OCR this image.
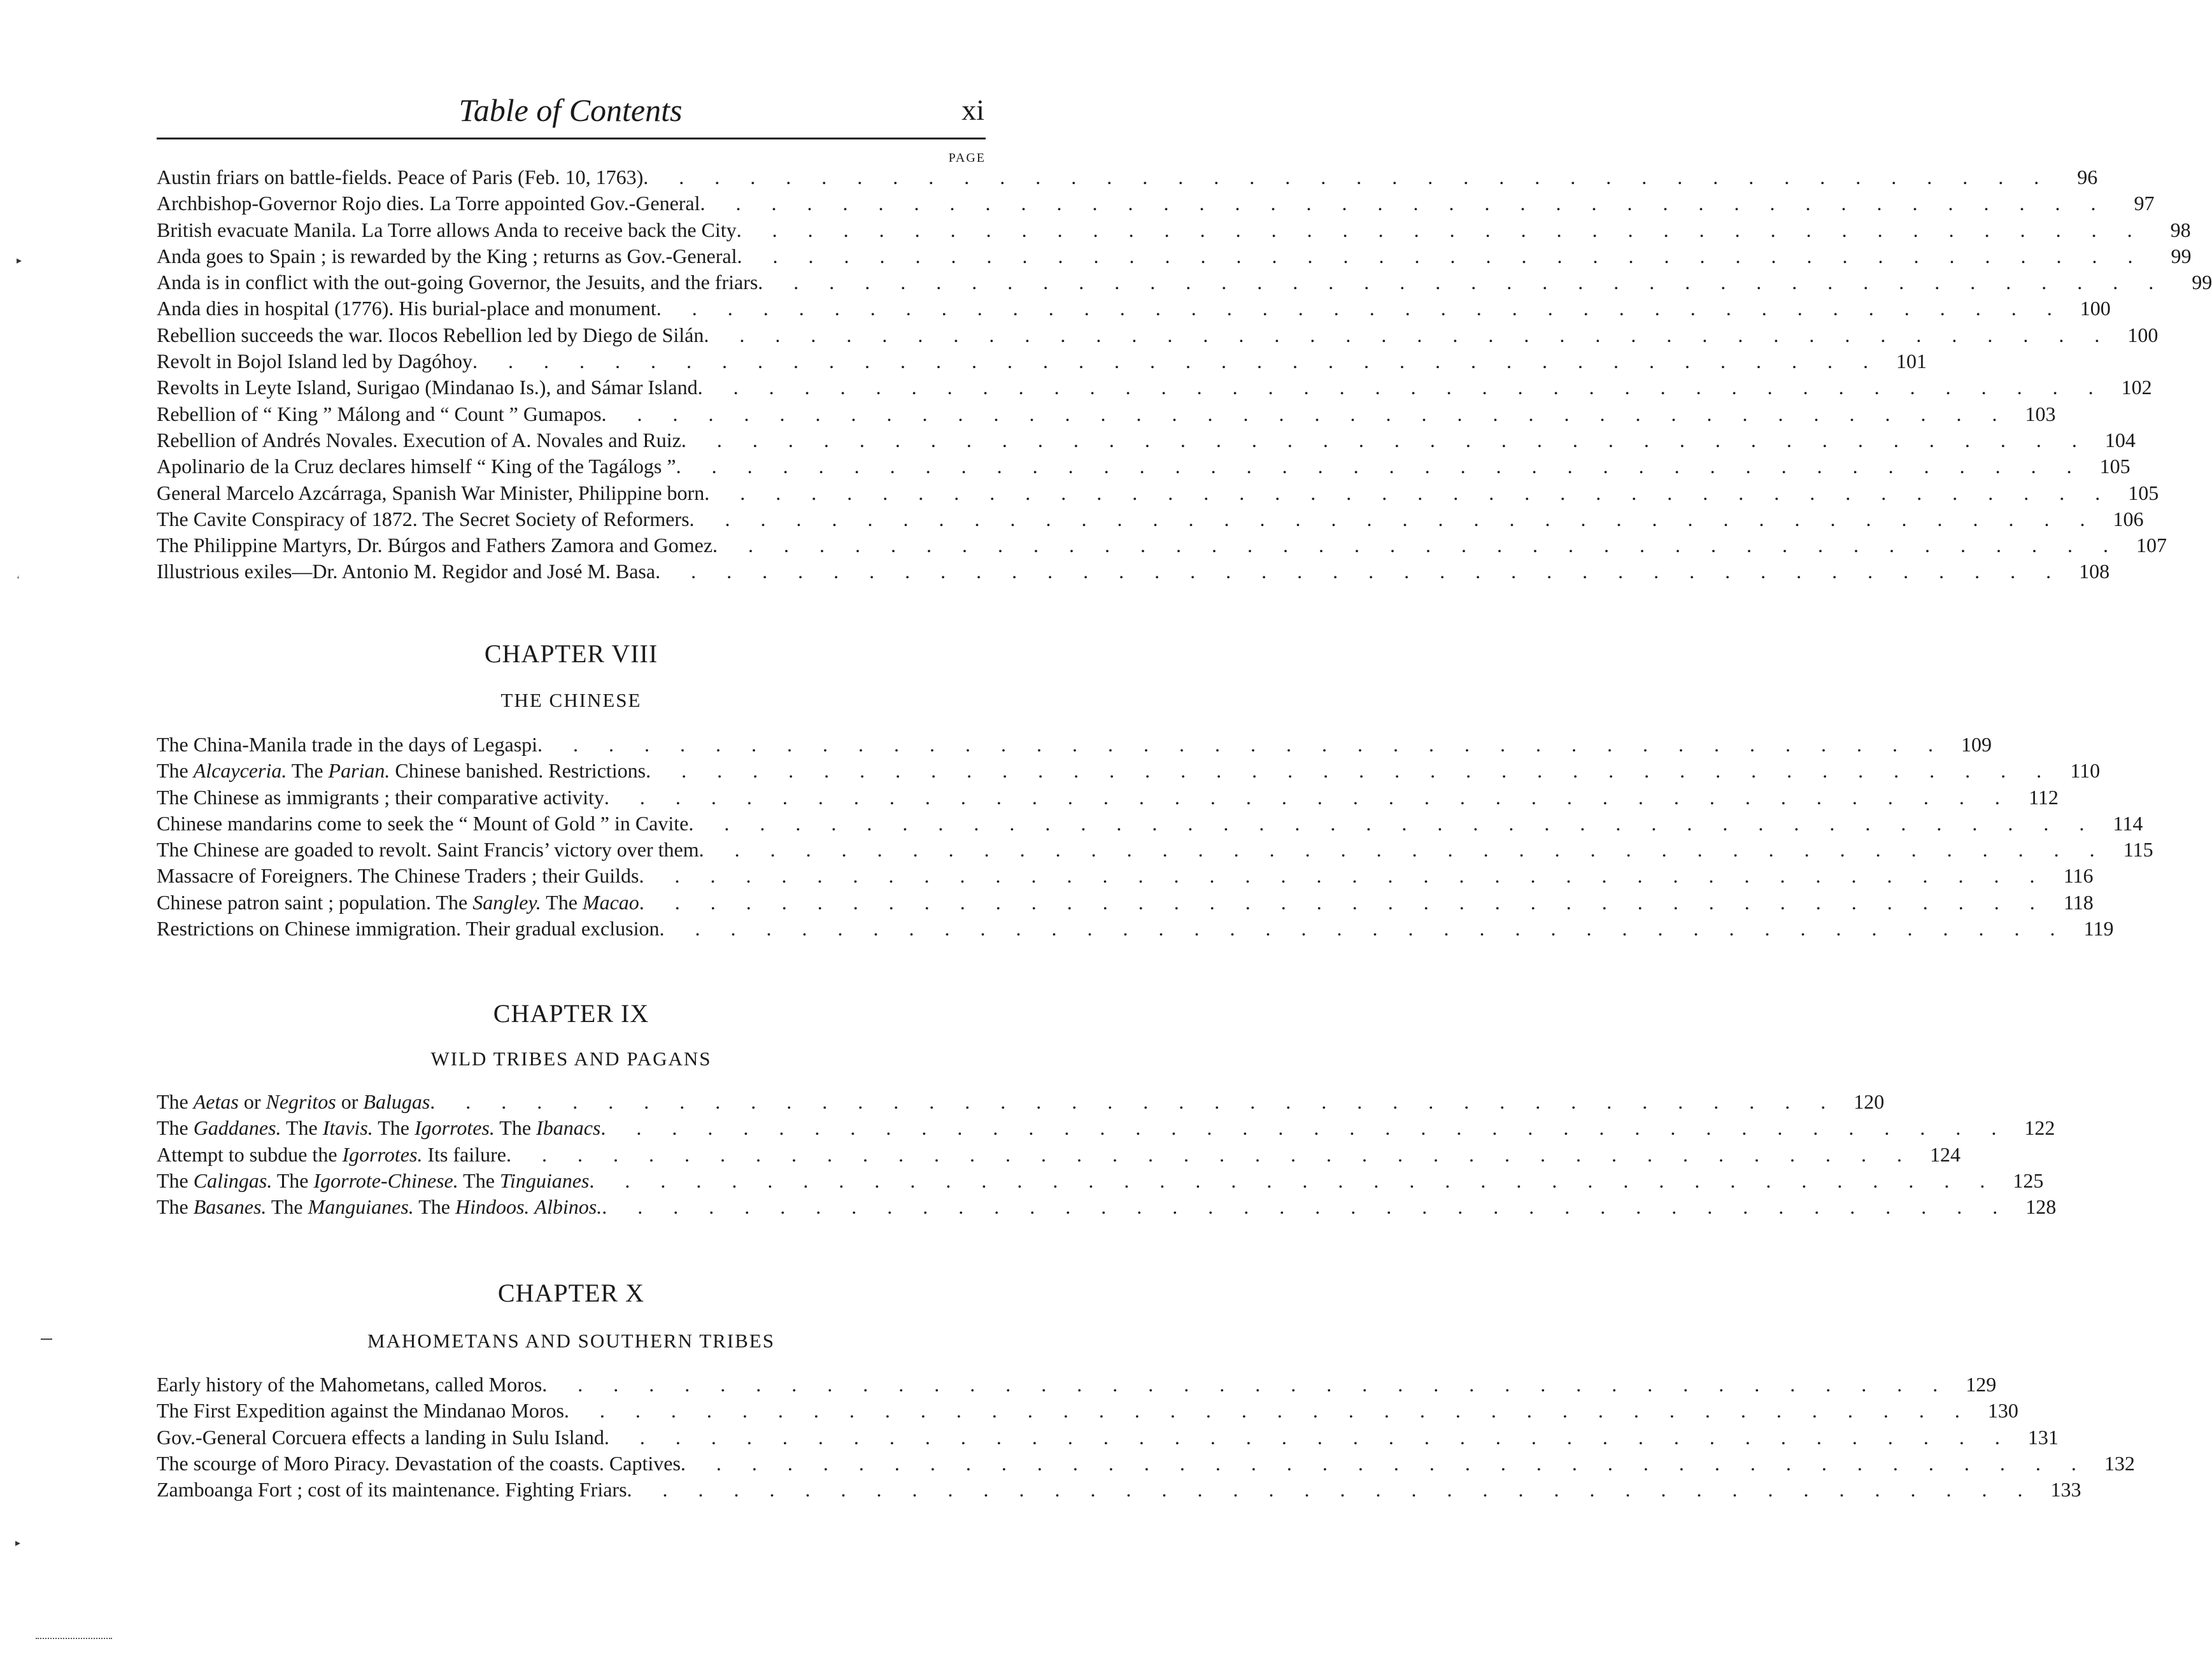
Table of Contents	xi
PAGE
Austin friars on battle-fields. Peace of Paris (Feb. 10, 1763) . . . . . . . . . . . . . . . . . . . . . . . . . . . . . . . . . . . . . . . .	96
Archbishop-Governor Rojo dies. La Torre appointed Gov.-General . . . . . . . . . . . . . . . . . . . . . . . . . . . . . . . . . . . . . . . .	97
British evacuate Manila. La Torre allows Anda to receive back the City . . . . . . . . . . . . . . . . . . . . . . . . . . . . . . . . . . . . . . . .	98
Anda goes to Spain ; is rewarded by the King ; returns as Gov.-General . . . . . . . . . . . . . . . . . . . . . . . . . . . . . . . . . . . . . . . .	99
Anda is in conflict with the out-going Governor, the Jesuits, and the friars . . . . . . . . . . . . . . . . . . . . . . . . . . . . . . . . . . . . . . . .	99
Anda dies in hospital (1776). His burial-place and monument . . . . . . . . . . . . . . . . . . . . . . . . . . . . . . . . . . . . . . . . 100
Rebellion succeeds the war. Ilocos Rebellion led by Diego de Silán . . . . . . . . . . . . . . . . . . . . . . . . . . . . . . . . . . . . . . . . 100
Revolt in Bojol Island led by Dagóhoy . . . . . . . . . . . . . . . . . . . . . . . . . . . . . . . . . . . . . . . . 101
Revolts in Leyte Island, Surigao (Mindanao Is.), and Sámar Island . . . . . . . . . . . . . . . . . . . . . . . . . . . . . . . . . . . . . . . . 102
Rebellion of “ King ” Málong and “ Count ” Gumapos . . . . . . . . . . . . . . . . . . . . . . . . . . . . . . . . . . . . . . . . 103
Rebellion of Andrés Novales. Execution of A. Novales and Ruiz . . . . . . . . . . . . . . . . . . . . . . . . . . . . . . . . . . . . . . . . 104
Apolinario de la Cruz declares himself “ King of the Tagálogs ” . . . . . . . . . . . . . . . . . . . . . . . . . . . . . . . . . . . . . . . . 105
General Marcelo Azcárraga, Spanish War Minister, Philippine born . . . . . . . . . . . . . . . . . . . . . . . . . . . . . . . . . . . . . . . . 105
The Cavite Conspiracy of 1872. The Secret Society of Reformers . . . . . . . . . . . . . . . . . . . . . . . . . . . . . . . . . . . . . . . . 106
The Philippine Martyrs, Dr. Búrgos and Fathers Zamora and Gomez . . . . . . . . . . . . . . . . . . . . . . . . . . . . . . . . . . . . . . . . 107
Illustrious exiles—Dr. Antonio M. Regidor and José M. Basa . . . . . . . . . . . . . . . . . . . . . . . . . . . . . . . . . . . . . . . . 108
CHAPTER VIII
THE CHINESE
The China-Manila trade in the days of Legaspi . . . . . . . . . . . . . . . . . . . . . . . . . . . . . . . . . . . . . . . . 109
The Alcayceria. The Parian. Chinese banished. Restrictions . . . . . . . . . . . . . . . . . . . . . . . . . . . . . . . . . . . . . . . . 110
The Chinese as immigrants ; their comparative activity . . . . . . . . . . . . . . . . . . . . . . . . . . . . . . . . . . . . . . . . 112
Chinese mandarins come to seek the “ Mount of Gold ” in Cavite . . . . . . . . . . . . . . . . . . . . . . . . . . . . . . . . . . . . . . . . 114
The Chinese are goaded to revolt. Saint Francis’ victory over them . . . . . . . . . . . . . . . . . . . . . . . . . . . . . . . . . . . . . . . . 115
Massacre of Foreigners. The Chinese Traders ; their Guilds . . . . . . . . . . . . . . . . . . . . . . . . . . . . . . . . . . . . . . . . 116
Chinese patron saint ; population. The Sangley. The Macao . . . . . . . . . . . . . . . . . . . . . . . . . . . . . . . . . . . . . . . . 118
Restrictions on Chinese immigration. Their gradual exclusion . . . . . . . . . . . . . . . . . . . . . . . . . . . . . . . . . . . . . . . . 119
CHAPTER IX
WILD TRIBES AND PAGANS
The Aetas or Negritos or Balugas . . . . . . . . . . . . . . . . . . . . . . . . . . . . . . . . . . . . . . . . 120
The Gaddanes. The Itavis. The Igorrotes. The Ibanacs . . . . . . . . . . . . . . . . . . . . . . . . . . . . . . . . . . . . . . . . 122
Attempt to subdue the Igorrotes. Its failure . . . . . . . . . . . . . . . . . . . . . . . . . . . . . . . . . . . . . . . . 124
The Calingas. The Igorrote-Chinese. The Tinguianes . . . . . . . . . . . . . . . . . . . . . . . . . . . . . . . . . . . . . . . . 125
The Basanes. The Manguianes. The Hindoos. Albinos. . . . . . . . . . . . . . . . . . . . . . . . . . . . . . . . . . . . . . . . . 128
CHAPTER X
MAHOMETANS AND SOUTHERN TRIBES
Early history of the Mahometans, called Moros . . . . . . . . . . . . . . . . . . . . . . . . . . . . . . . . . . . . . . . . 129
The First Expedition against the Mindanao Moros . . . . . . . . . . . . . . . . . . . . . . . . . . . . . . . . . . . . . . . . 130
Gov.-General Corcuera effects a landing in Sulu Island . . . . . . . . . . . . . . . . . . . . . . . . . . . . . . . . . . . . . . . . 131
The scourge of Moro Piracy. Devastation of the coasts. Captives . . . . . . . . . . . . . . . . . . . . . . . . . . . . . . . . . . . . . . . . 132
Zamboanga Fort ; cost of its maintenance. Fighting Friars . . . . . . . . . . . . . . . . . . . . . . . . . . . . . . . . . . . . . . . . 133
▸
‘
▸
